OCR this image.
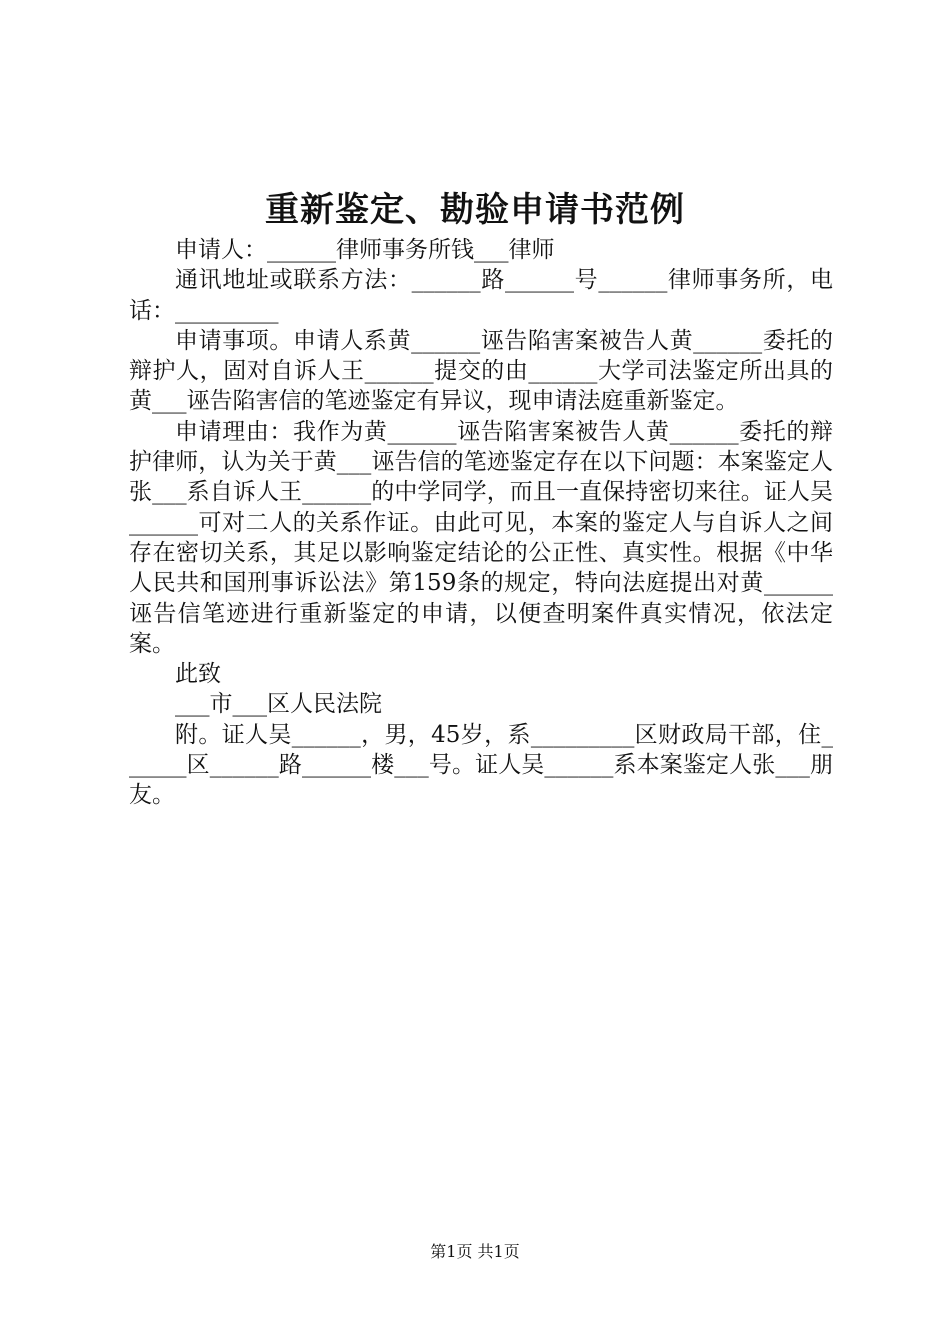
重新鉴定、勘验申请书范例

申请人：______律师事务所钱___律师

通讯地址或联系方法：______路______号______律师事务所，电话：_________

申请事项。申请人系黄______诬告陷害案被告人黄______委托的辩护人，固对自诉人王______提交的由______大学司法鉴定所出具的黄___诬告陷害信的笔迹鉴定有异议，现申请法庭重新鉴定。

申请理由：我作为黄______诬告陷害案被告人黄______委托的辩护律师，认为关于黄___诬告信的笔迹鉴定存在以下问题：本案鉴定人张___系自诉人王______的中学同学，而且一直保持密切来往。证人吴______可对二人的关系作证。由此可见，本案的鉴定人与自诉人之间存在密切关系，其足以影响鉴定结论的公正性、真实性。根据《中华人民共和国刑事诉讼法》第159条的规定，特向法庭提出对黄______诬告信笔迹进行重新鉴定的申请，以便查明案件真实情况，依法定案。

此致

___市___区人民法院

附。证人吴______，男，45岁，系_________区财政局干部，住______区______路______楼___号。证人吴______系本案鉴定人张___朋友。

第1页 共1页
